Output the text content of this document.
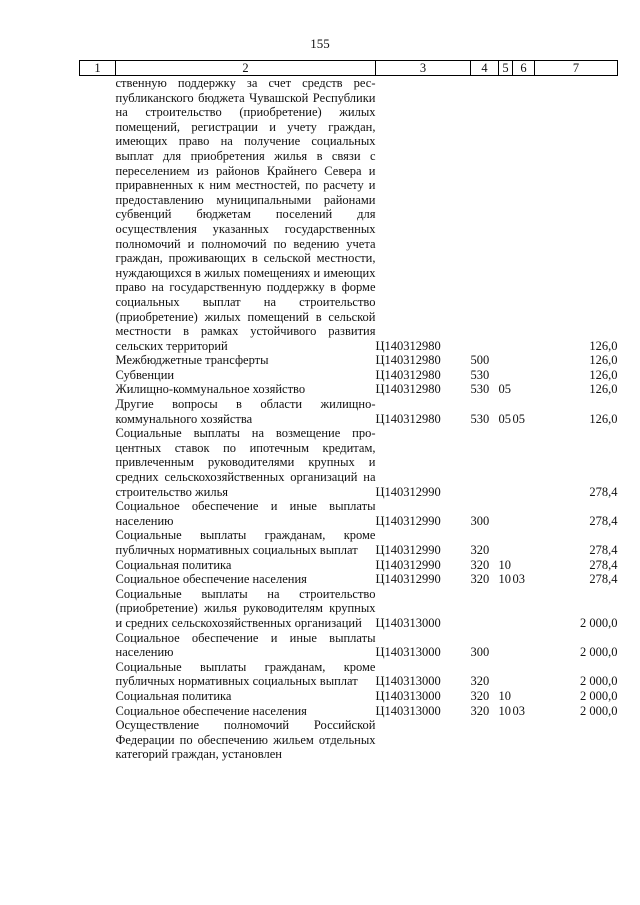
155
1	2	3	4	5	6	7
	ственную поддержку за счет средств республиканского бюджета Чувашской Республики на строительство (приобретение) жилых помещений, регистрации и учету граждан, имеющих право на получение социальных выплат для приобретения жилья в связи с переселением из районов Крайнего Севера и приравненных к ним местностей, по расчету и предоставлению муниципальными районами субвенций бюджетам поселений для осуществления указанных государственных полномочий и полномочий по ведению учета граждан, проживающих в сельской местности, нуждающихся в жилых помещениях и имеющих право на государственную поддержку в форме социальных выплат на строительство (приобретение) жилых помещений в сельской местности в рамках устойчивого развития сельских территорий	Ц140312980				126,0
	Межбюджетные трансферты	Ц140312980	500			126,0
	Субвенции	Ц140312980	530			126,0
	Жилищно-коммунальное хозяйство	Ц140312980	530	05		126,0
	Другие вопросы в области жилищно-коммунального хозяйства	Ц140312980	530	05	05	126,0
	Социальные выплаты на возмещение процентных ставок по ипотечным кредитам, привлеченным руководителями крупных и средних сельскохозяйственных организаций на строительство жилья	Ц140312990				278,4
	Социальное обеспечение и иные выплаты населению	Ц140312990	300			278,4
	Социальные выплаты гражданам, кроме публичных нормативных социальных выплат	Ц140312990	320			278,4
	Социальная политика	Ц140312990	320	10		278,4
	Социальное обеспечение населения	Ц140312990	320	10	03	278,4
	Социальные выплаты на строительство (приобретение) жилья руководителям крупных и средних сельскохозяйственных организаций	Ц140313000				2 000,0
	Социальное обеспечение и иные выплаты населению	Ц140313000	300			2 000,0
	Социальные выплаты гражданам, кроме публичных нормативных социальных выплат	Ц140313000	320			2 000,0
	Социальная политика	Ц140313000	320	10		2 000,0
	Социальное обеспечение населения	Ц140313000	320	10	03	2 000,0
	Осуществление полномочий Российской Федерации по обеспечению жильем отдельных категорий граждан, установлен					
